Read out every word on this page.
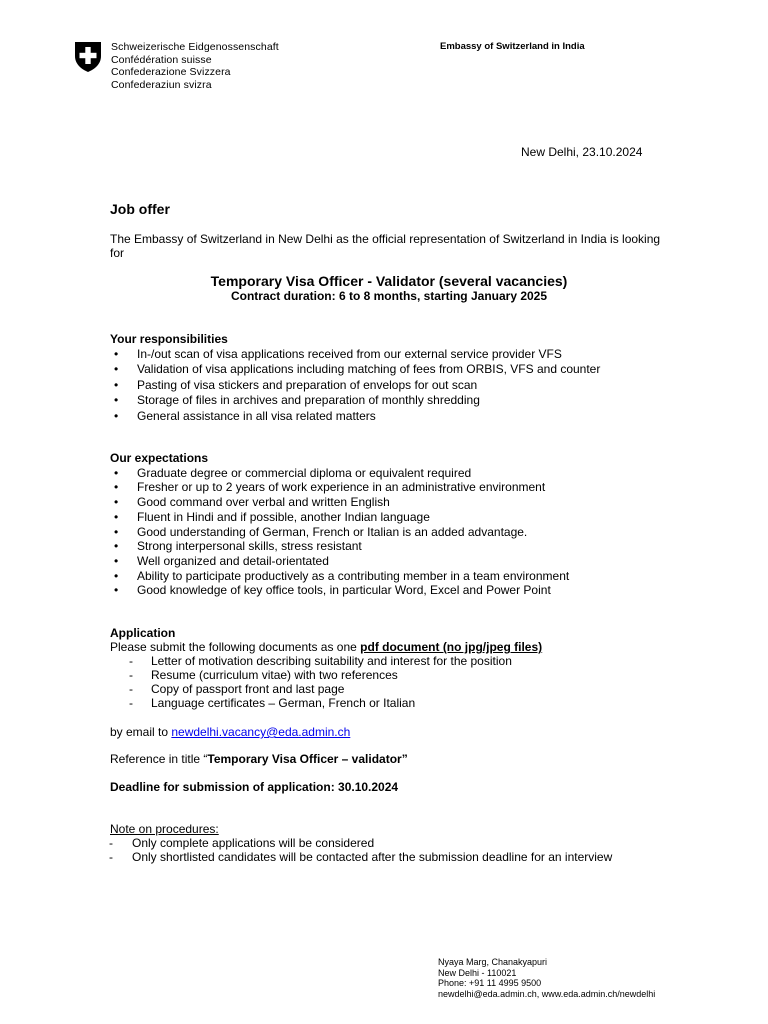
Schweizerische Eidgenossenschaft
Confédération suisse
Confederazione Svizzera
Confederaziun svizra
Embassy of Switzerland in India
New Delhi, 23.10.2024
Job offer
The Embassy of Switzerland in New Delhi as the official representation of Switzerland in India is looking for
Temporary Visa Officer - Validator (several vacancies)
Contract duration: 6 to 8 months, starting January 2025
Your responsibilities
• In-/out scan of visa applications received from our external service provider VFS
• Validation of visa applications including matching of fees from ORBIS, VFS and counter
• Pasting of visa stickers and preparation of envelops for out scan
• Storage of files in archives and preparation of monthly shredding
• General assistance in all visa related matters
Our expectations
• Graduate degree or commercial diploma or equivalent required
• Fresher or up to 2 years of work experience in an administrative environment
• Good command over verbal and written English
• Fluent in Hindi and if possible, another Indian language
• Good understanding of German, French or Italian is an added advantage.
• Strong interpersonal skills, stress resistant
• Well organized and detail-orientated
• Ability to participate productively as a contributing member in a team environment
• Good knowledge of key office tools, in particular Word, Excel and Power Point
Application
Please submit the following documents as one pdf document (no jpg/jpeg files)
- Letter of motivation describing suitability and interest for the position
- Resume (curriculum vitae) with two references
- Copy of passport front and last page
- Language certificates – German, French or Italian
by email to newdelhi.vacancy@eda.admin.ch
Reference in title “Temporary Visa Officer – validator”
Deadline for submission of application: 30.10.2024
Note on procedures:
- Only complete applications will be considered
- Only shortlisted candidates will be contacted after the submission deadline for an interview
Nyaya Marg, Chanakyapuri
New Delhi - 110021
Phone: +91 11 4995 9500
newdelhi@eda.admin.ch, www.eda.admin.ch/newdelhi
